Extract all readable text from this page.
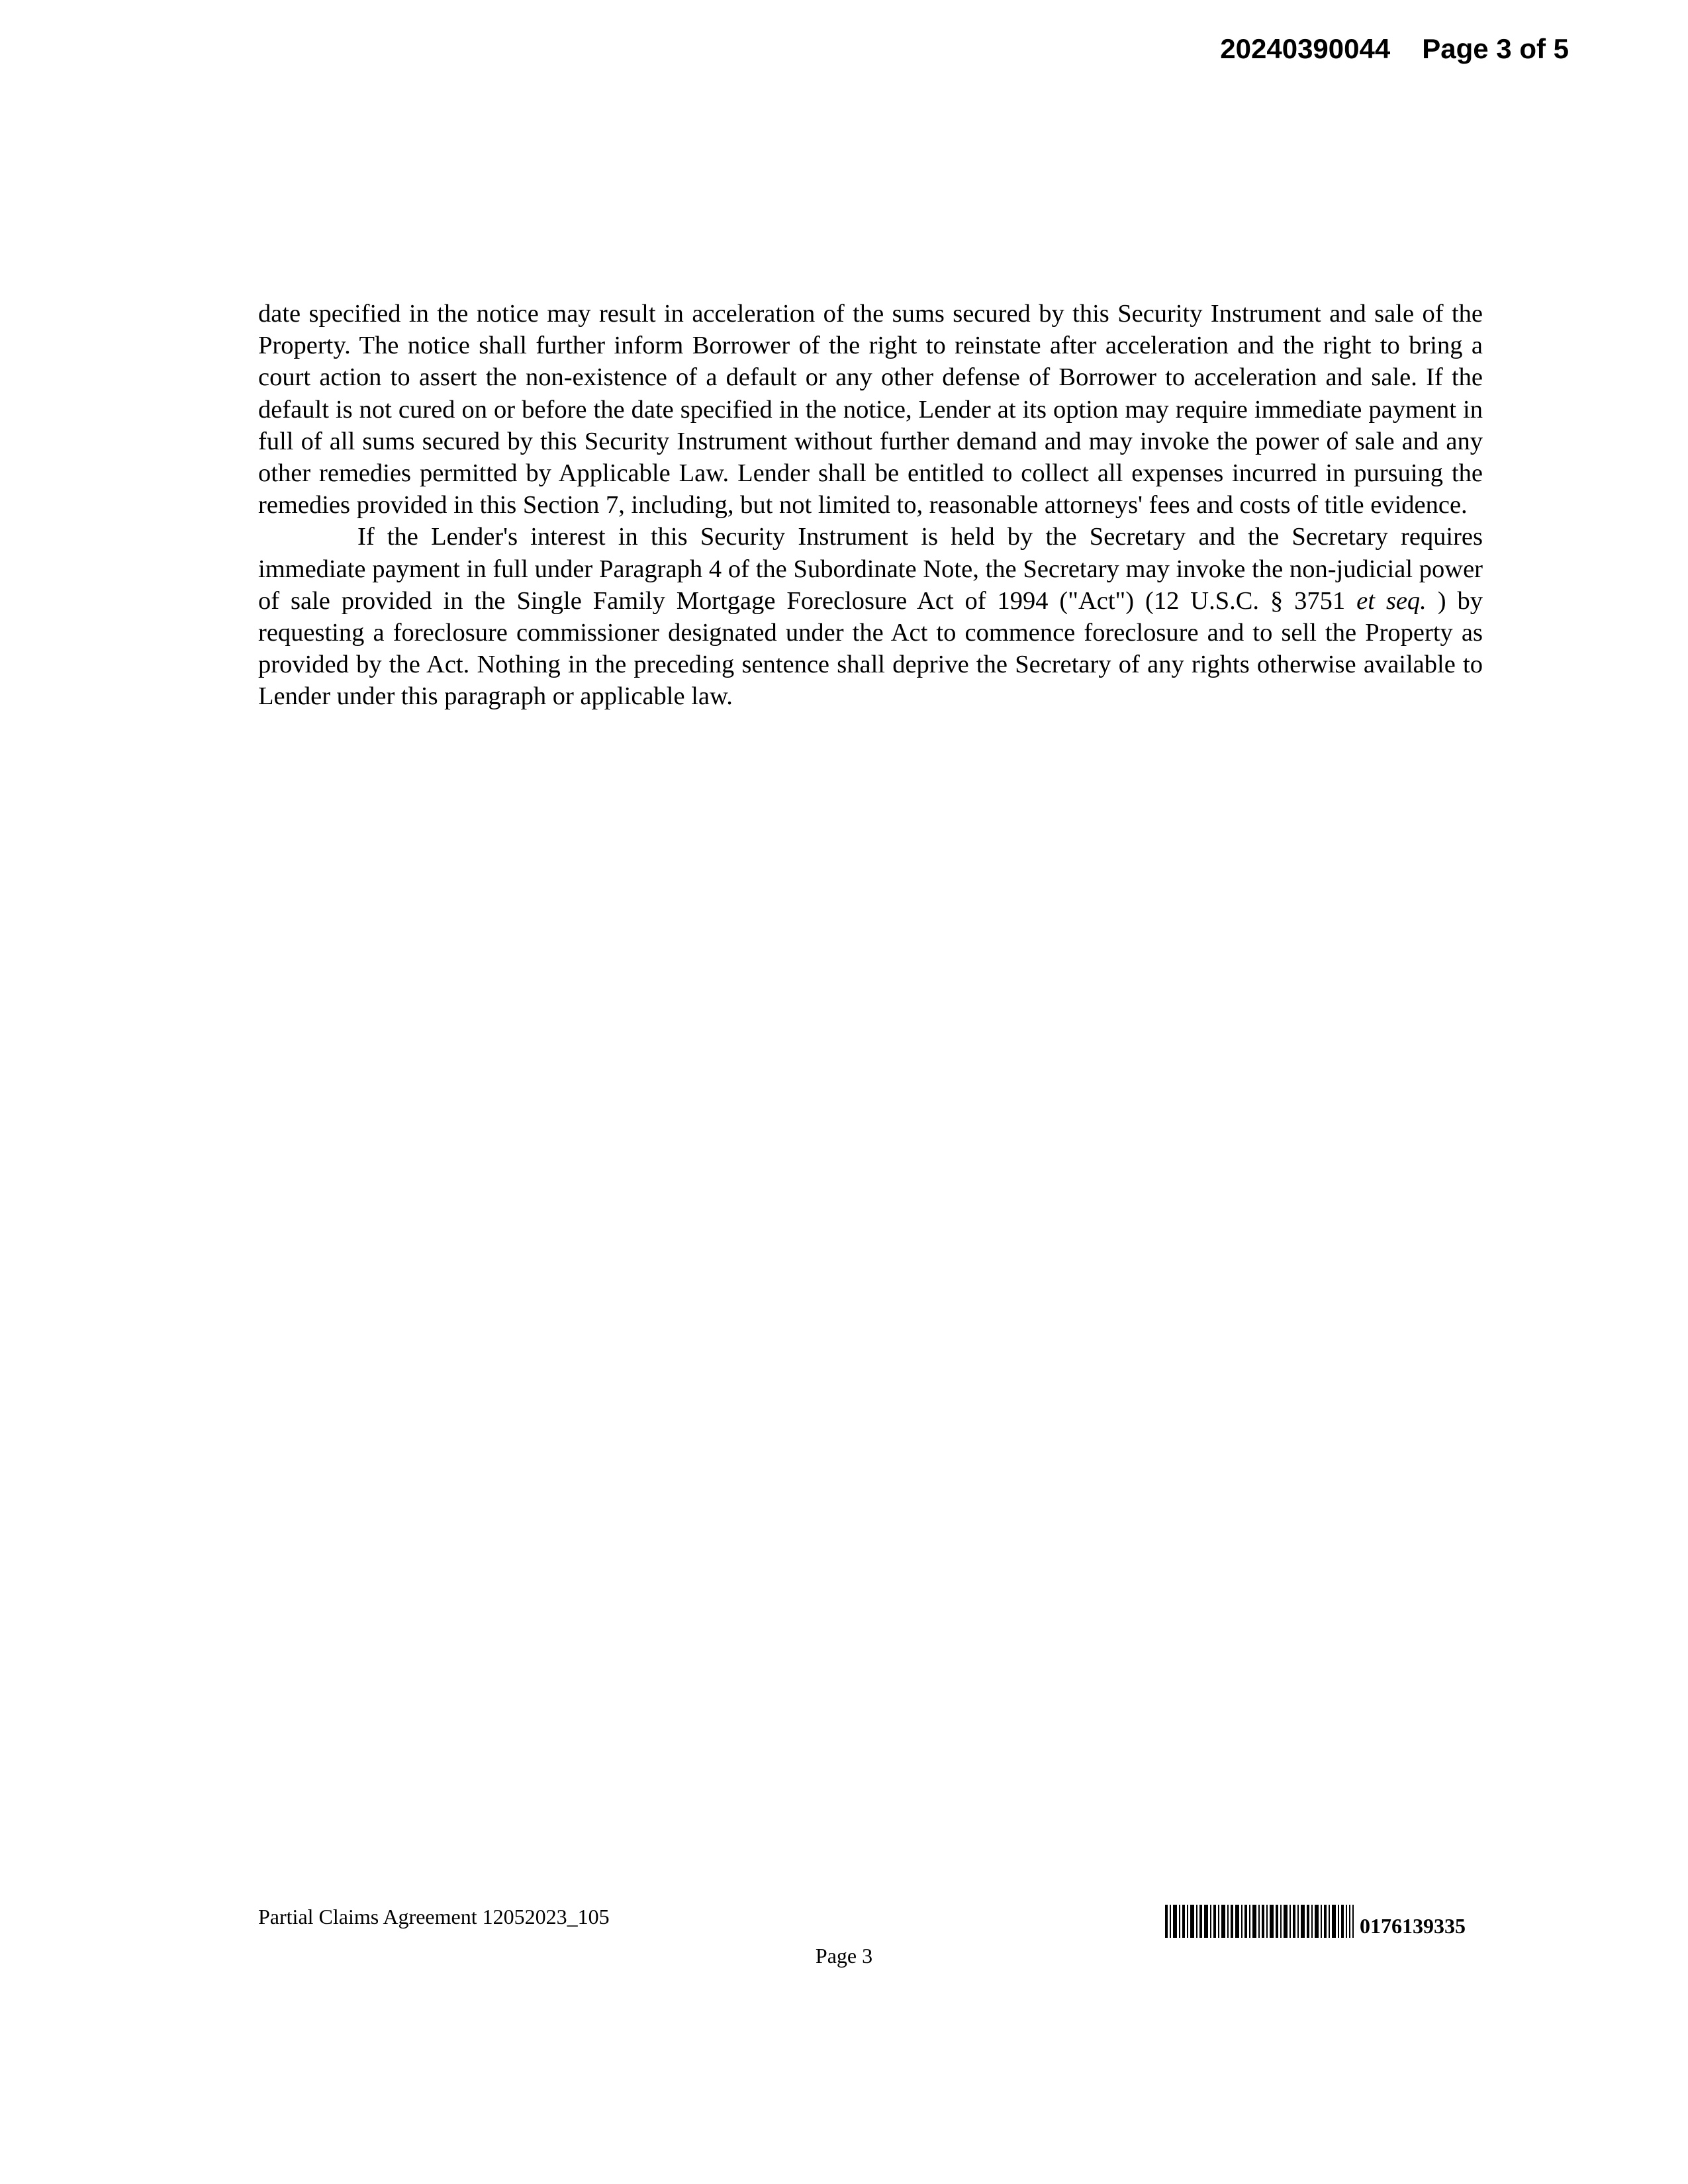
20240390044 Page 3 of 5

date specified in the notice may result in acceleration of the sums secured by this Security Instrument and sale of the Property. The notice shall further inform Borrower of the right to reinstate after acceleration and the right to bring a court action to assert the non-existence of a default or any other defense of Borrower to acceleration and sale. If the default is not cured on or before the date specified in the notice, Lender at its option may require immediate payment in full of all sums secured by this Security Instrument without further demand and may invoke the power of sale and any other remedies permitted by Applicable Law. Lender shall be entitled to collect all expenses incurred in pursuing the remedies provided in this Section 7, including, but not limited to, reasonable attorneys' fees and costs of title evidence.

If the Lender's interest in this Security Instrument is held by the Secretary and the Secretary requires immediate payment in full under Paragraph 4 of the Subordinate Note, the Secretary may invoke the non-judicial power of sale provided in the Single Family Mortgage Foreclosure Act of 1994 ("Act") (12 U.S.C. § 3751 et seq. ) by requesting a foreclosure commissioner designated under the Act to commence foreclosure and to sell the Property as provided by the Act. Nothing in the preceding sentence shall deprive the Secretary of any rights otherwise available to Lender under this paragraph or applicable law.

Partial Claims Agreement 12052023_105	0176139335
Page 3
